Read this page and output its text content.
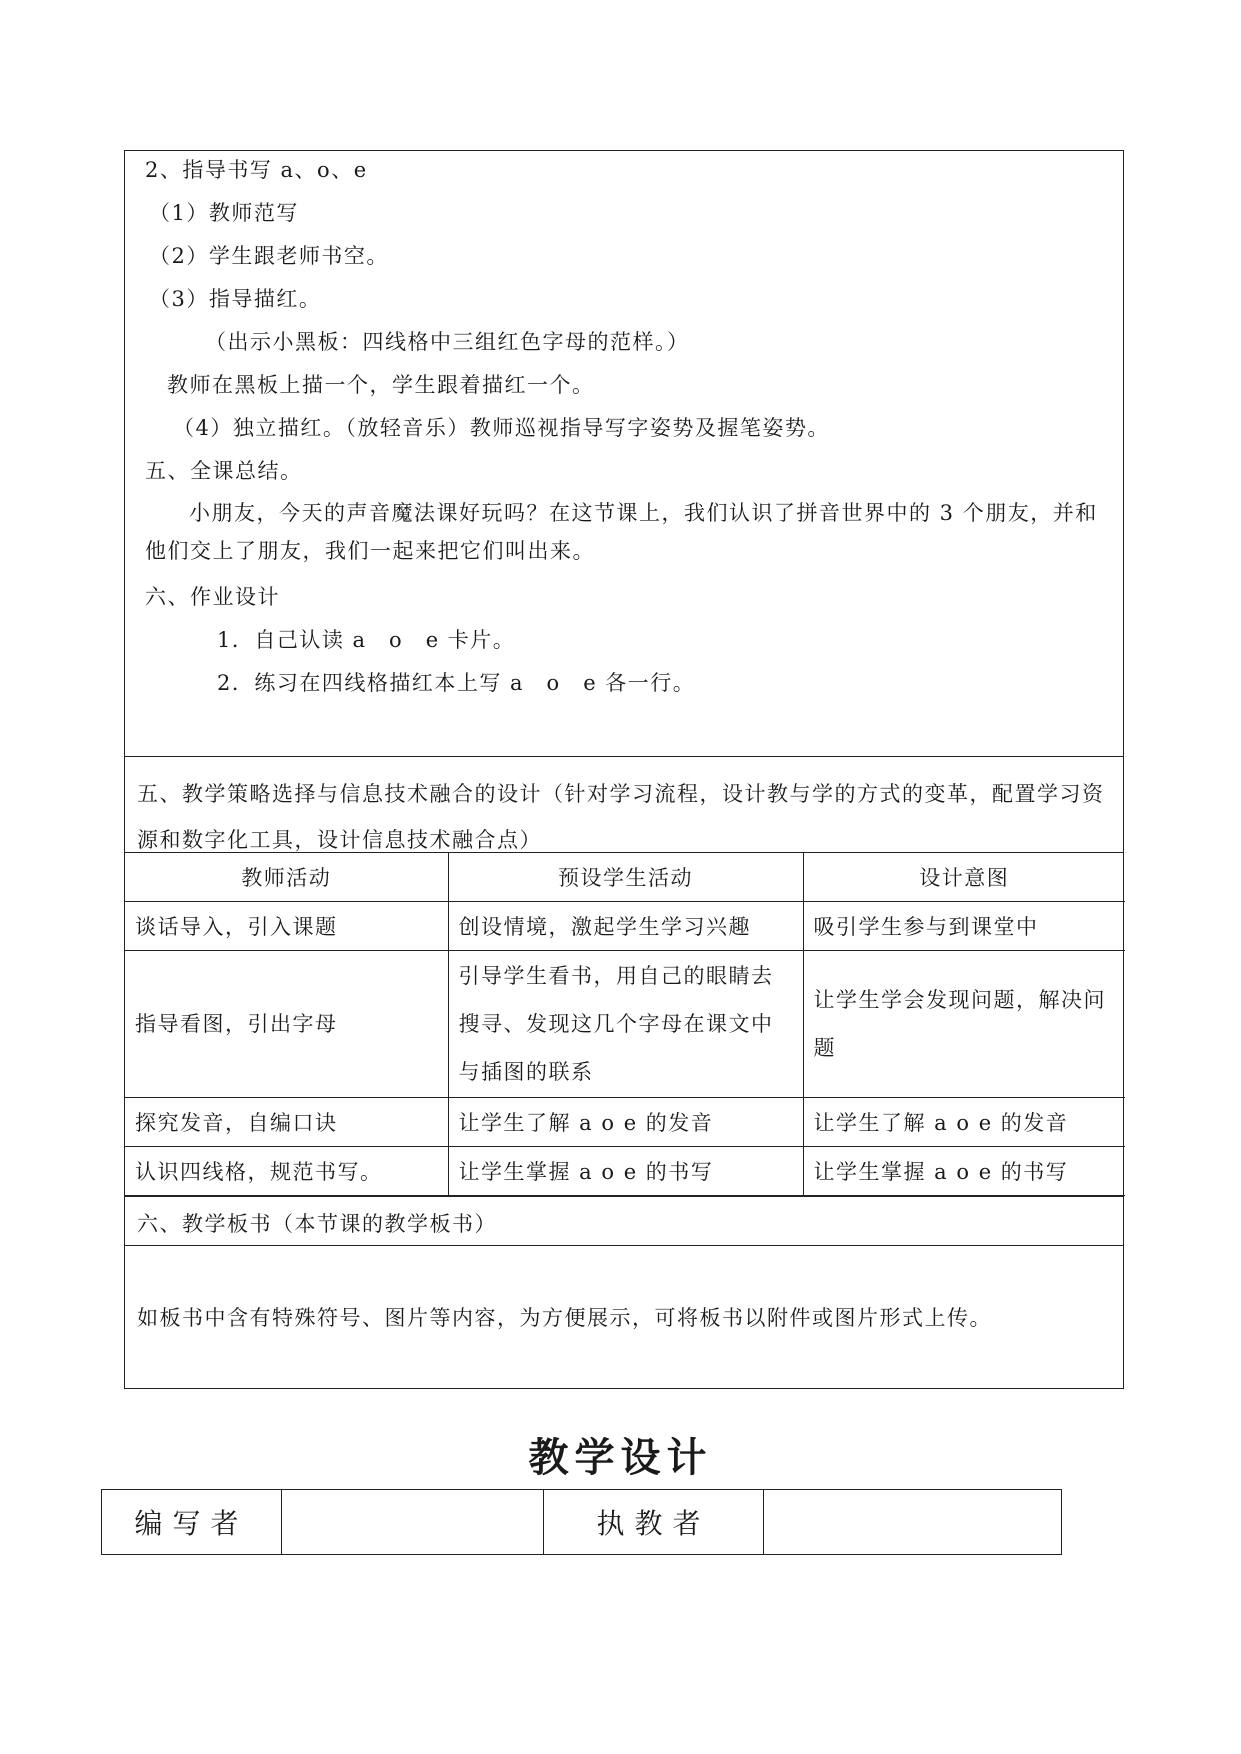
2、指导书写 a、o、e
（1）教师范写
（2）学生跟老师书空。
（3）指导描红。
（出示小黑板：四线格中三组红色字母的范样。）
教师在黑板上描一个，学生跟着描红一个。
（4）独立描红。（放轻音乐）教师巡视指导写字姿势及握笔姿势。
五、全课总结。
小朋友，今天的声音魔法课好玩吗？在这节课上，我们认识了拼音世界中的 3 个朋友，并和他们交上了朋友，我们一起来把它们叫出来。
六、作业设计
1．自己认读 a　o　e 卡片。
2．练习在四线格描红本上写 a　o　e 各一行。
五、教学策略选择与信息技术融合的设计（针对学习流程，设计教与学的方式的变革，配置学习资源和数字化工具，设计信息技术融合点）
教师活动	预设学生活动	设计意图
谈话导入，引入课题	创设情境，激起学生学习兴趣	吸引学生参与到课堂中
指导看图，引出字母	引导学生看书，用自己的眼睛去搜寻、发现这几个字母在课文中与插图的联系	让学生学会发现问题，解决问题
探究发音，自编口诀	让学生了解 a o e 的发音	让学生了解 a o e 的发音
认识四线格，规范书写。	让学生掌握 a o e 的书写	让学生掌握 a o e 的书写
六、教学板书（本节课的教学板书）
如板书中含有特殊符号、图片等内容，为方便展示，可将板书以附件或图片形式上传。
教学设计
编写者		执教者	
